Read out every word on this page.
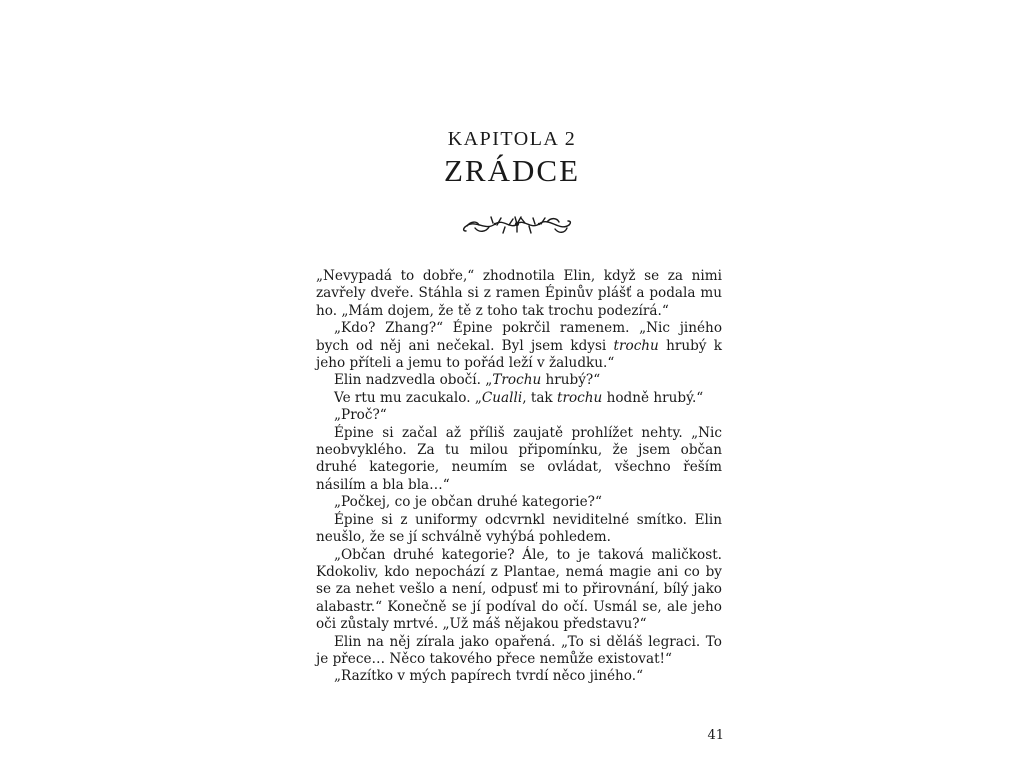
KAPITOLA 2
ZRÁDCE

„Nevypadá to dobře,“ zhodnotila Elin, když se za nimi zavřely dveře. Stáhla si z ramen Épinův plášť a podala mu ho. „Mám dojem, že tě z toho tak trochu podezírá.“

„Kdo? Zhang?“ Épine pokrčil ramenem. „Nic jiného bych od něj ani nečekal. Byl jsem kdysi trochu hrubý k jeho příteli a jemu to pořád leží v žaludku.“

Elin nadzvedla obočí. „Trochu hrubý?“

Ve rtu mu zacukalo. „Cualli, tak trochu hodně hrubý.“

„Proč?“

Épine si začal až příliš zaujatě prohlížet nehty. „Nic neobvyklého. Za tu milou připomínku, že jsem občan druhé kategorie, neumím se ovládat, všechno řeším násilím a bla bla…“

„Počkej, co je občan druhé kategorie?“

Épine si z uniformy odcvrnkl neviditelné smítko. Elin neušlo, že se jí schválně vyhýbá pohledem.

„Občan druhé kategorie? Ále, to je taková maličkost. Kdokoliv, kdo nepochází z Plantae, nemá magie ani co by se za nehet vešlo a není, odpusť mi to přirovnání, bílý jako alabastr.“ Konečně se jí podíval do očí. Usmál se, ale jeho oči zůstaly mrtvé. „Už máš nějakou představu?“

Elin na něj zírala jako opařená. „To si děláš legraci. To je přece… Něco takového přece nemůže existovat!“

„Razítko v mých papírech tvrdí něco jiného.“

41
